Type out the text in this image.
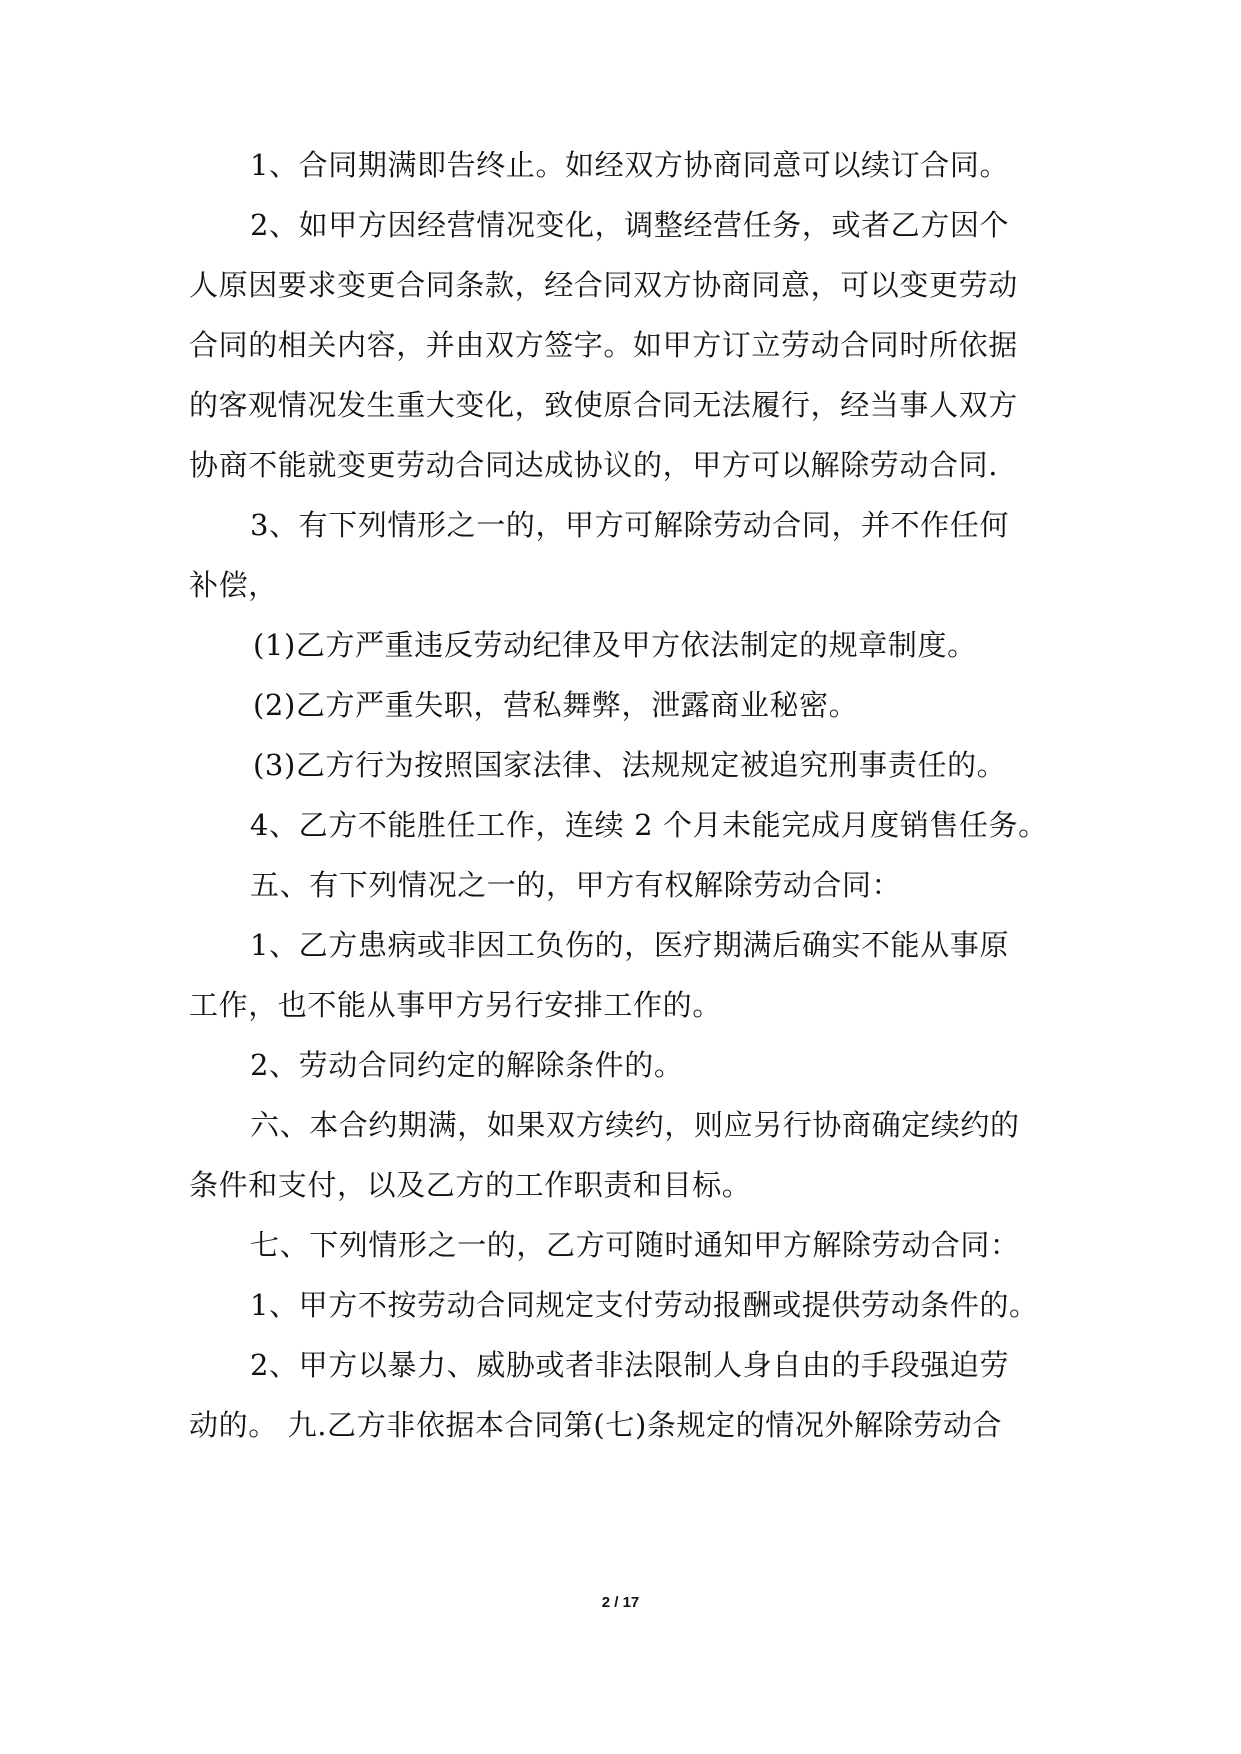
1、合同期满即告终止。如经双方协商同意可以续订合同。
2、如甲方因经营情况变化，调整经营任务，或者乙方因个
人原因要求变更合同条款，经合同双方协商同意，可以变更劳动
合同的相关内容，并由双方签字。如甲方订立劳动合同时所依据
的客观情况发生重大变化，致使原合同无法履行，经当事人双方
协商不能就变更劳动合同达成协议的，甲方可以解除劳动合同.
3、有下列情形之一的，甲方可解除劳动合同，并不作任何
补偿，
(1)乙方严重违反劳动纪律及甲方依法制定的规章制度。
(2)乙方严重失职，营私舞弊，泄露商业秘密。
(3)乙方行为按照国家法律、法规规定被追究刑事责任的。
4、乙方不能胜任工作，连续 2 个月未能完成月度销售任务。
五、有下列情况之一的，甲方有权解除劳动合同：
1、乙方患病或非因工负伤的，医疗期满后确实不能从事原
工作，也不能从事甲方另行安排工作的。
2、劳动合同约定的解除条件的。
六、本合约期满，如果双方续约，则应另行协商确定续约的
条件和支付，以及乙方的工作职责和目标。
七、下列情形之一的，乙方可随时通知甲方解除劳动合同：
1、甲方不按劳动合同规定支付劳动报酬或提供劳动条件的。
2、甲方以暴力、威胁或者非法限制人身自由的手段强迫劳
动的。 九.乙方非依据本合同第(七)条规定的情况外解除劳动合
2 / 17
